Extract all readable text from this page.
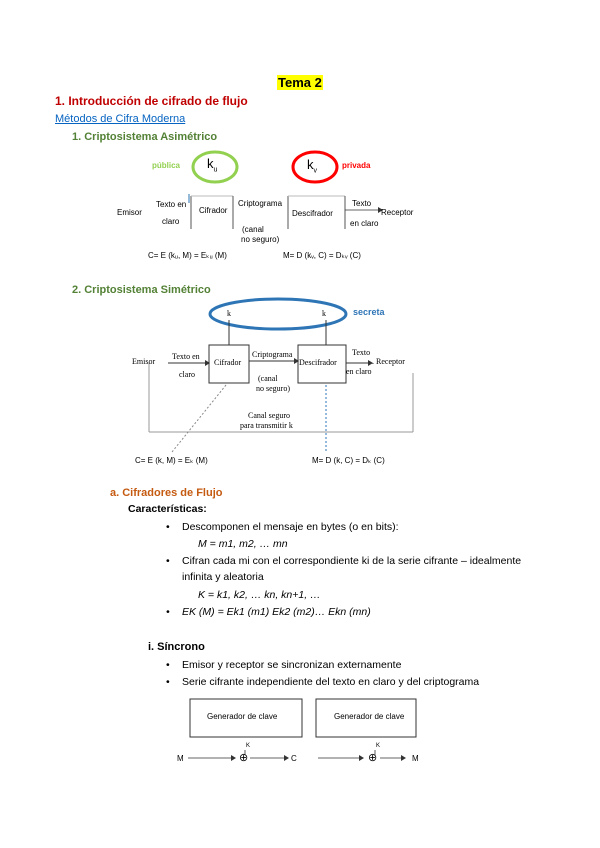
Tema 2
1. Introducción de cifrado de flujo
Métodos de Cifra Moderna
1. Criptosistema Asimétrico
pública	privada
$k_u$	$k_v$
Emisor
Texto en
claro
Cifrador
Criptograma
(canal
no seguro)
Descifrador
Texto
en claro
Receptor
C= E (kᵤ, M) = Eₖᵤ (M)	M= D (kᵥ, C) = Dₖᵥ (C)
2. Criptosistema Simétrico
secreta
k	k
Emisor
Texto en
claro
Cifrador
Criptograma
(canal
no seguro)
Descifrador
Texto
. Receptor
en claro
Canal seguro
para transmitir k
C= E (k, M) = Eₖ (M)	M= D (k, C) = Dₖ (C)
a. Cifradores de Flujo
Características:
• Descomponen el mensaje en bytes (o en bits):
M = m1, m2, … mn
• Cifran cada mi con el correspondiente ki de la serie cifrante – idealmente
infinita y aleatoria
K = k1, k2, … kn, kn+1, …
• EK (M) = Ek1 (m1) Ek2 (m2)… Ekn (mn)
i. Síncrono
• Emisor y receptor se sincronizan externamente
• Serie cifrante independiente del texto en claro y del criptograma
Generador de clave	Generador de clave
M
K
⊕	C
K
⊕	M
